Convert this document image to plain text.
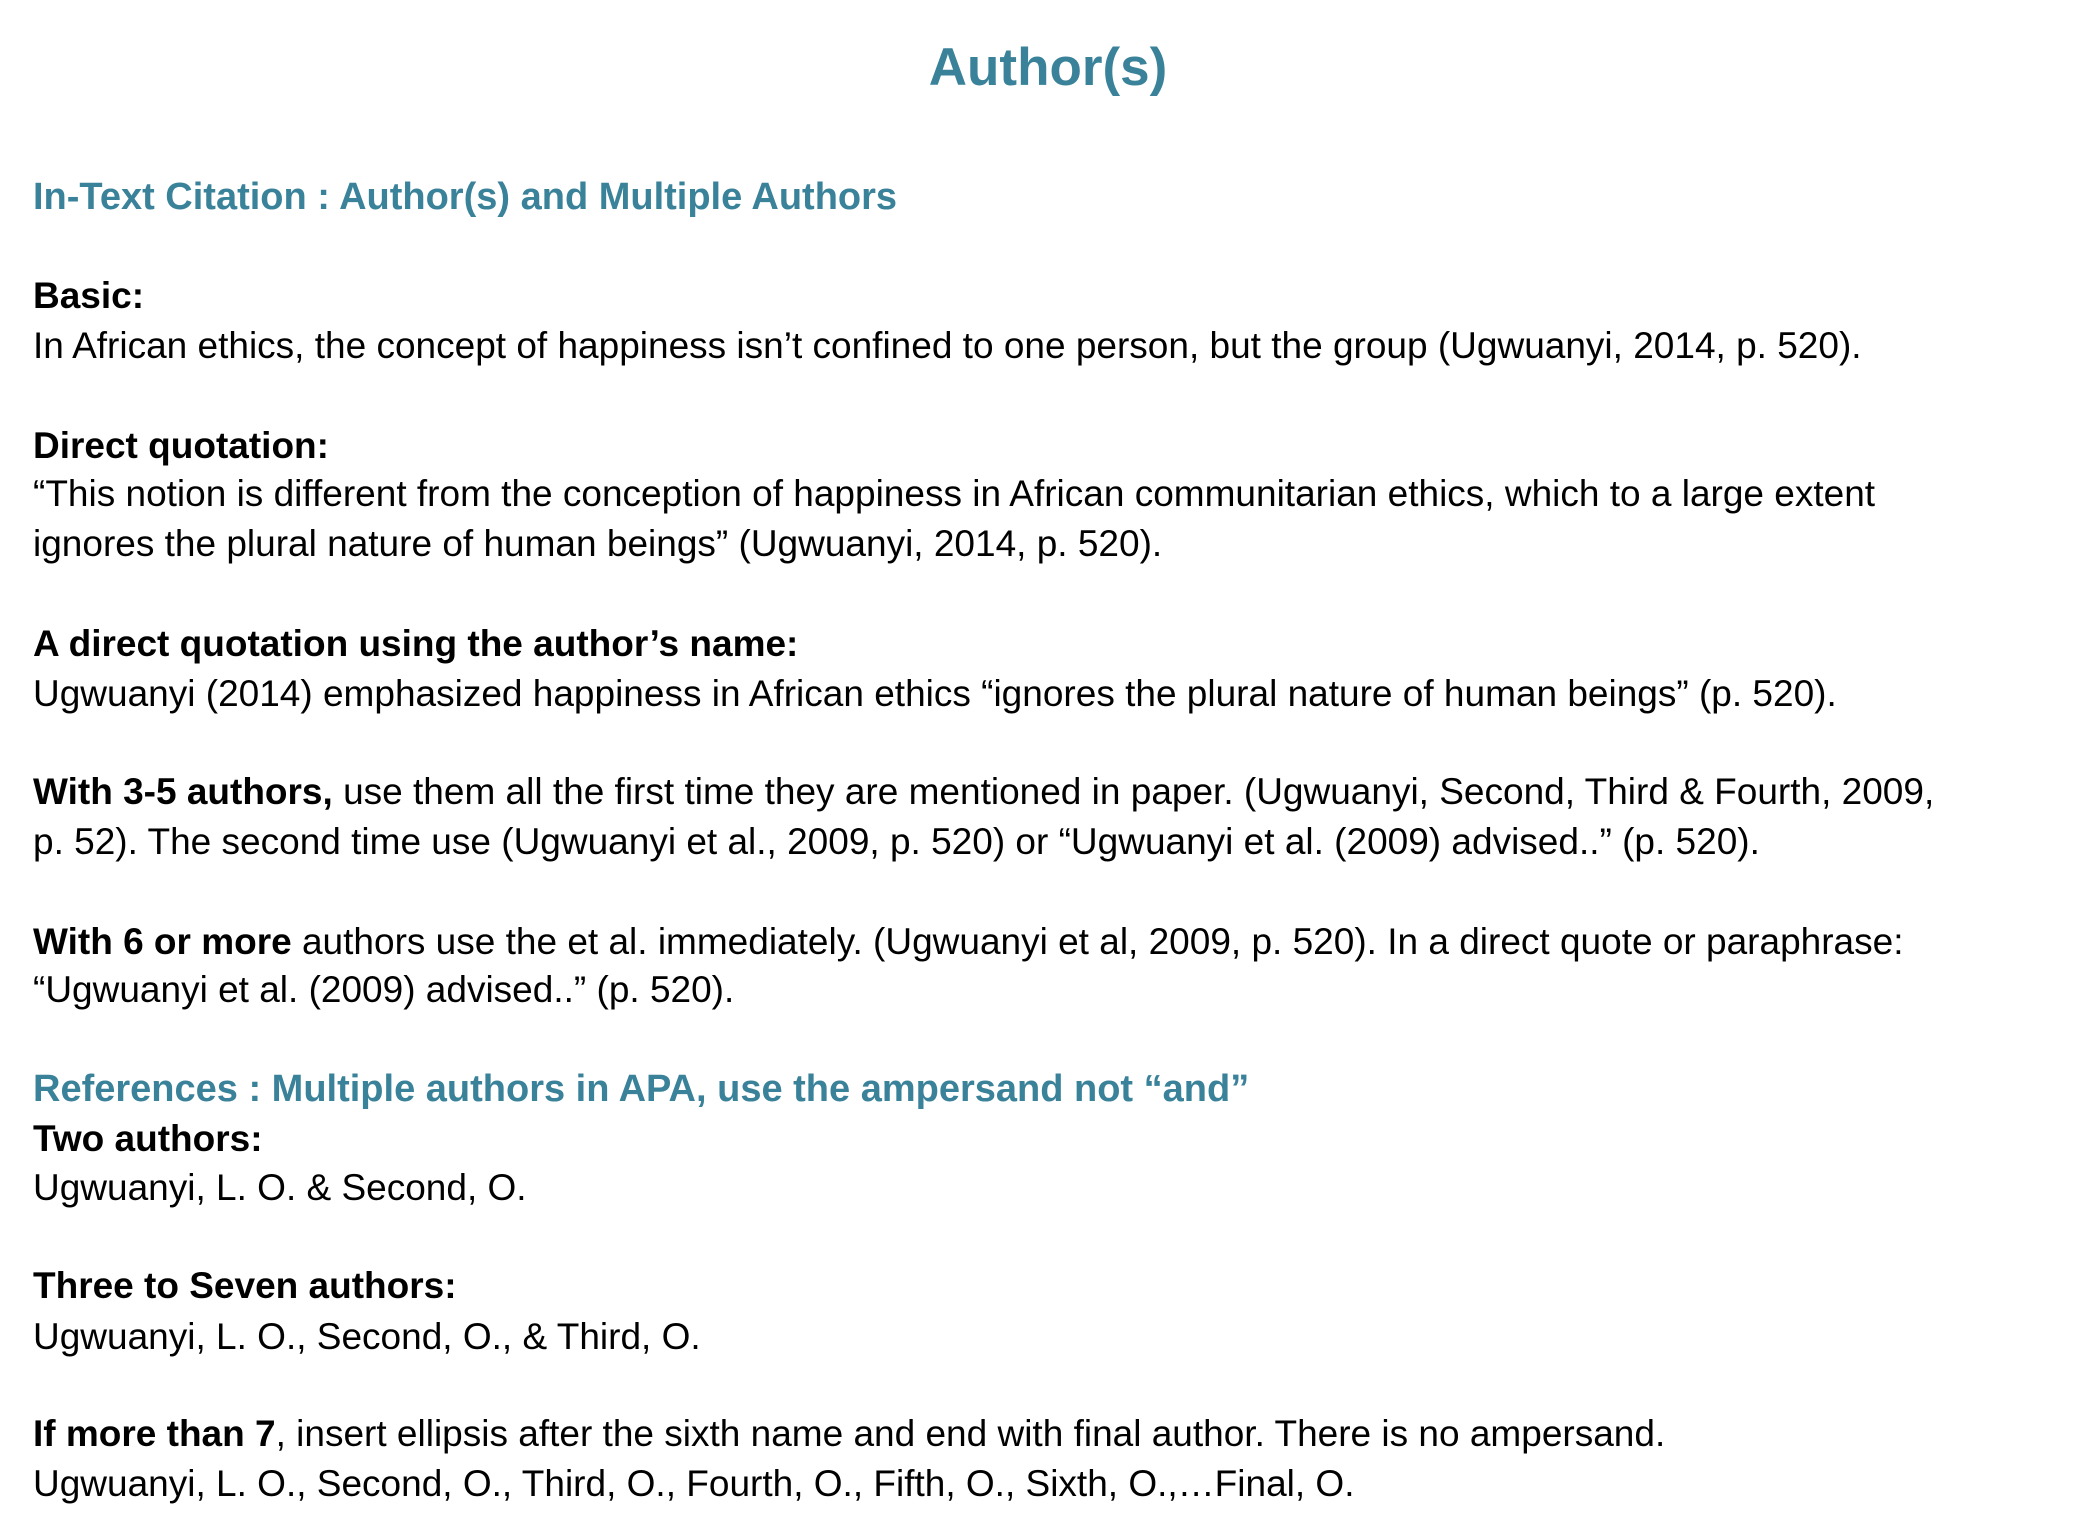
Author(s)
In-Text Citation : Author(s) and Multiple Authors
Basic:
In African ethics, the concept of happiness isn’t confined to one person, but the group (Ugwuanyi, 2014, p. 520).
Direct quotation:
“This notion is different from the conception of happiness in African communitarian ethics, which to a large extent
ignores the plural nature of human beings” (Ugwuanyi, 2014, p. 520).
A direct quotation using the author’s name:
Ugwuanyi (2014) emphasized happiness in African ethics “ignores the plural nature of human beings” (p. 520).
With 3-5 authors, use them all the first time they are mentioned in paper. (Ugwuanyi, Second, Third & Fourth, 2009,
p. 52). The second time use (Ugwuanyi et al., 2009, p. 520) or “Ugwuanyi et al. (2009) advised..” (p. 520).
With 6 or more authors use the et al. immediately. (Ugwuanyi et al, 2009, p. 520). In a direct quote or paraphrase:
“Ugwuanyi et al. (2009) advised..” (p. 520).
References : Multiple authors in APA, use the ampersand not “and”
Two authors:
Ugwuanyi, L. O. & Second, O.
Three to Seven authors:
Ugwuanyi, L. O., Second, O., & Third, O.
If more than 7, insert ellipsis after the sixth name and end with final author. There is no ampersand.
Ugwuanyi, L. O., Second, O., Third, O., Fourth, O., Fifth, O., Sixth, O.,…Final, O.
